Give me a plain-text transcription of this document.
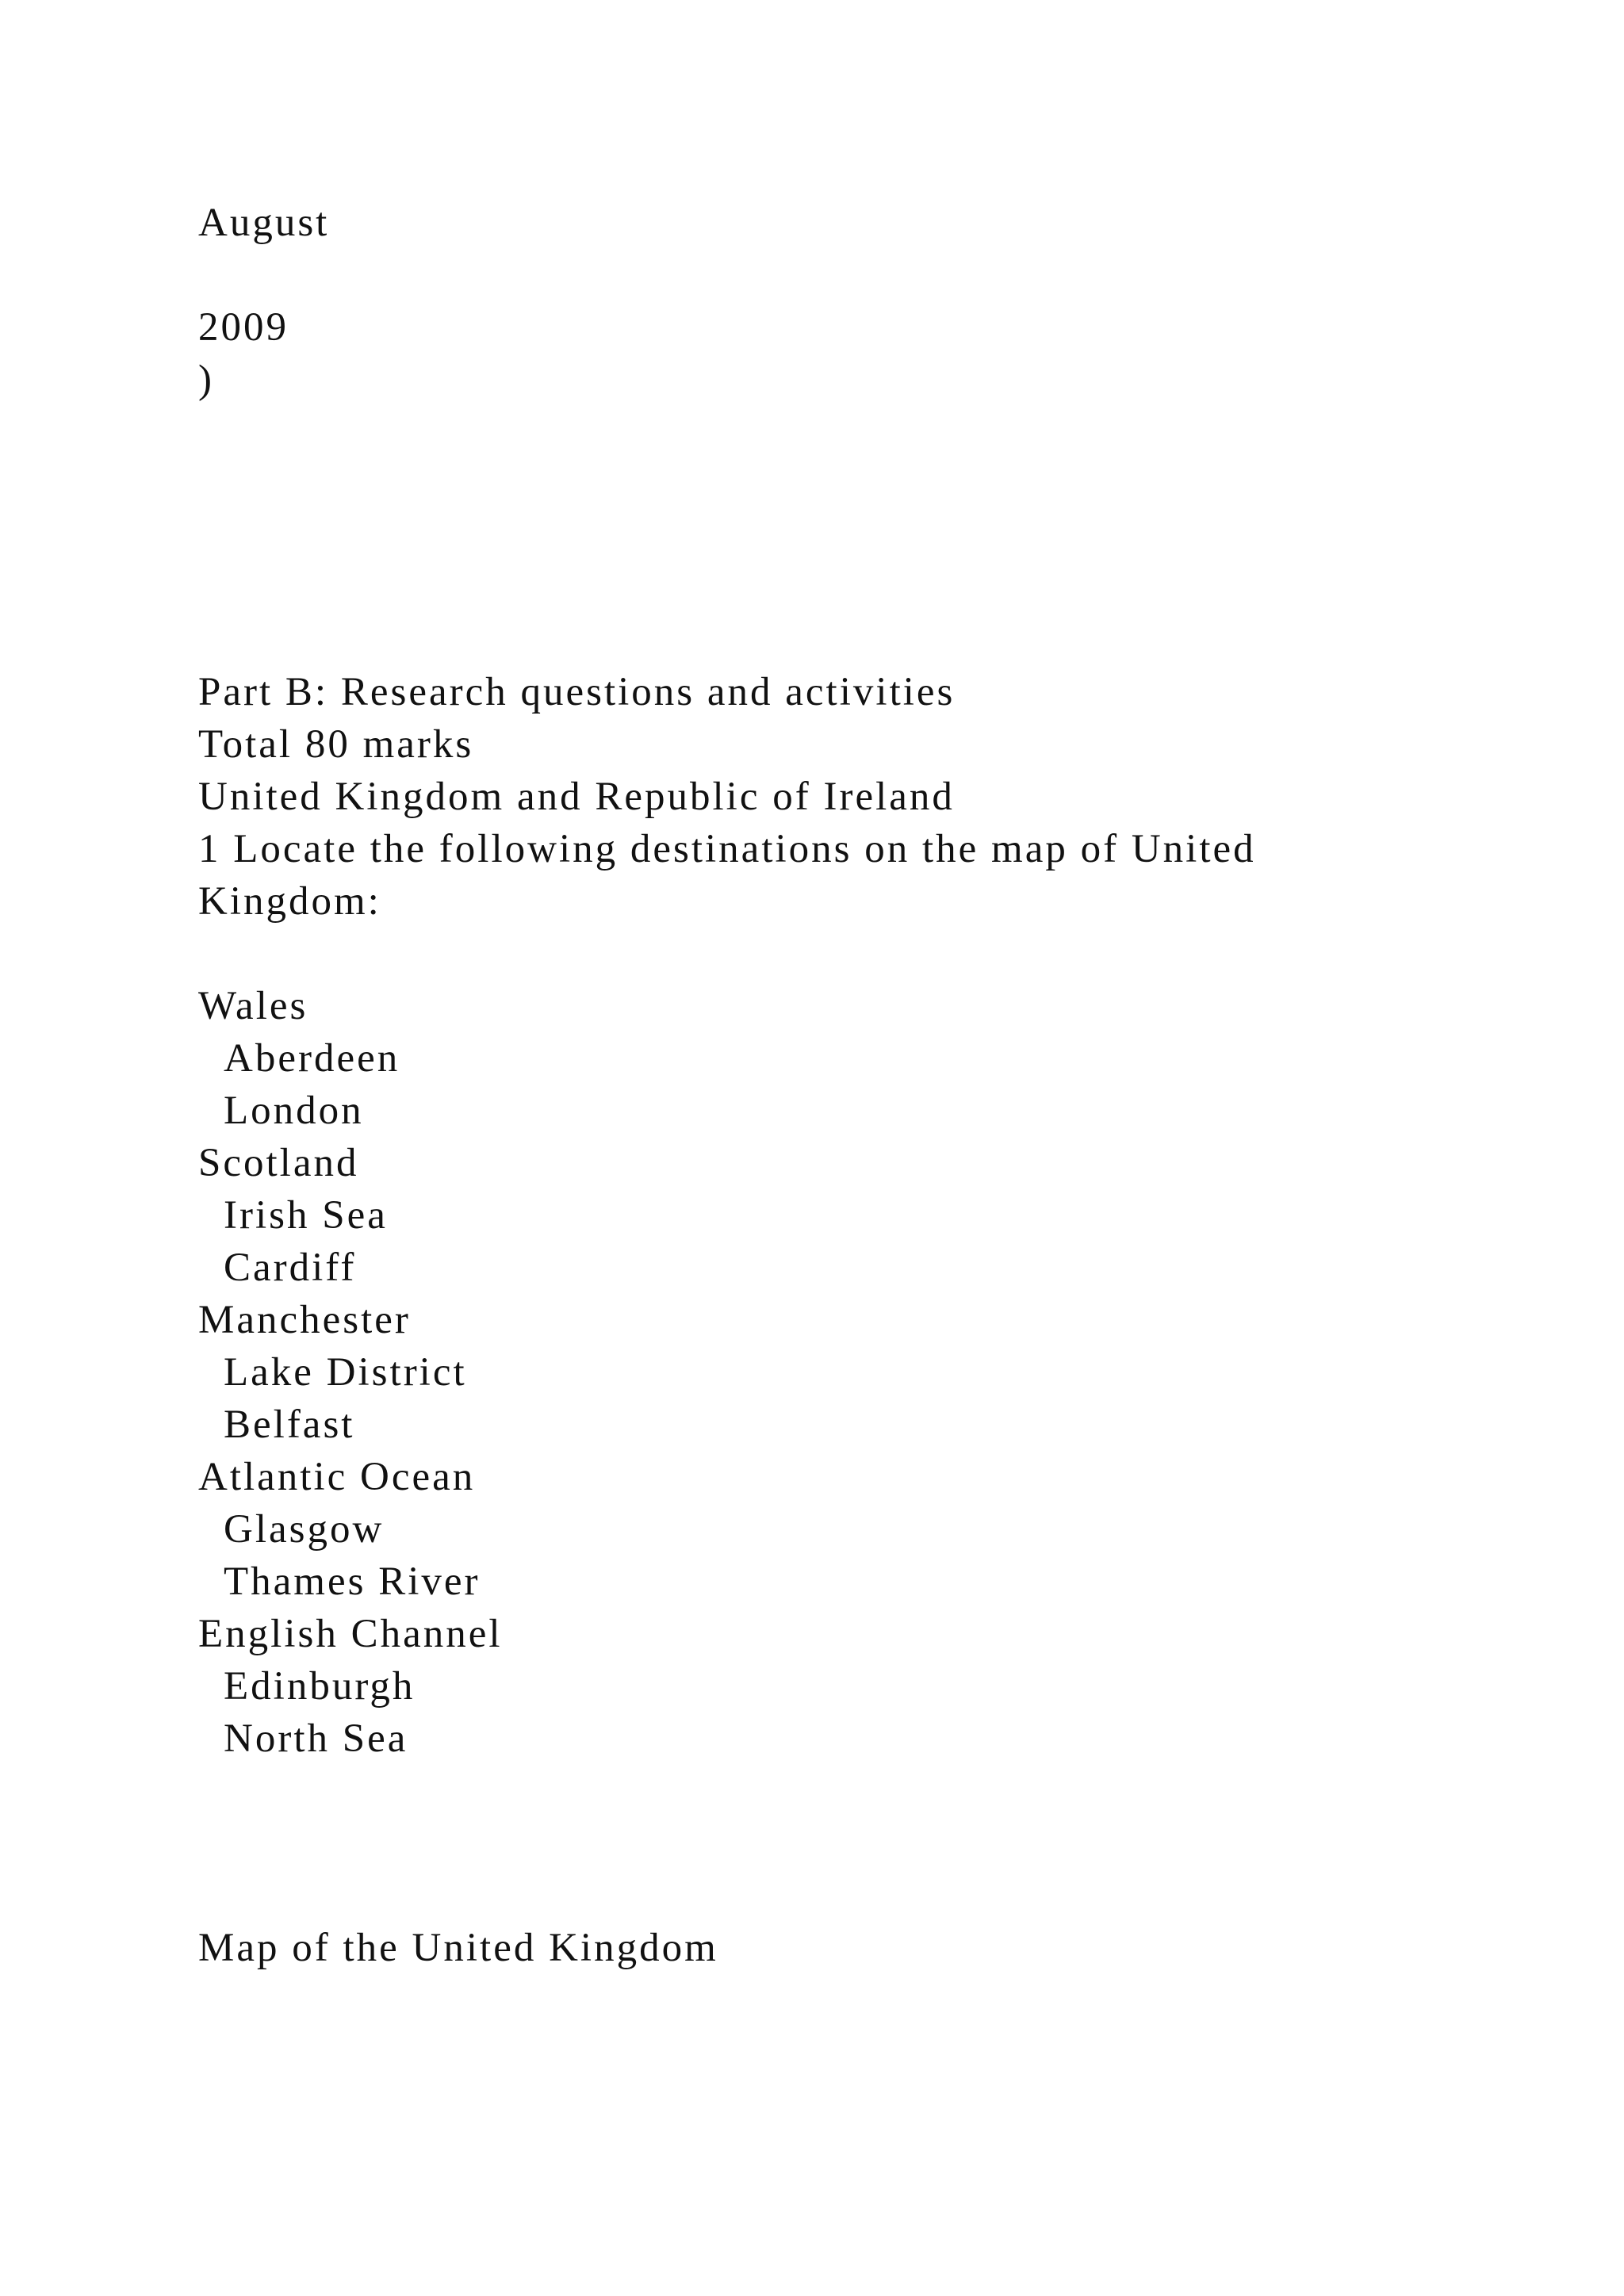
August
2009
)
Part B: Research questions and activities
Total 80 marks
United Kingdom and Republic of Ireland
1 Locate the following destinations on the map of United
Kingdom:
Wales
Aberdeen
London
Scotland
Irish Sea
Cardiff
Manchester
Lake District
Belfast
Atlantic Ocean
Glasgow
Thames River
English Channel
Edinburgh
North Sea
Map of the United Kingdom
